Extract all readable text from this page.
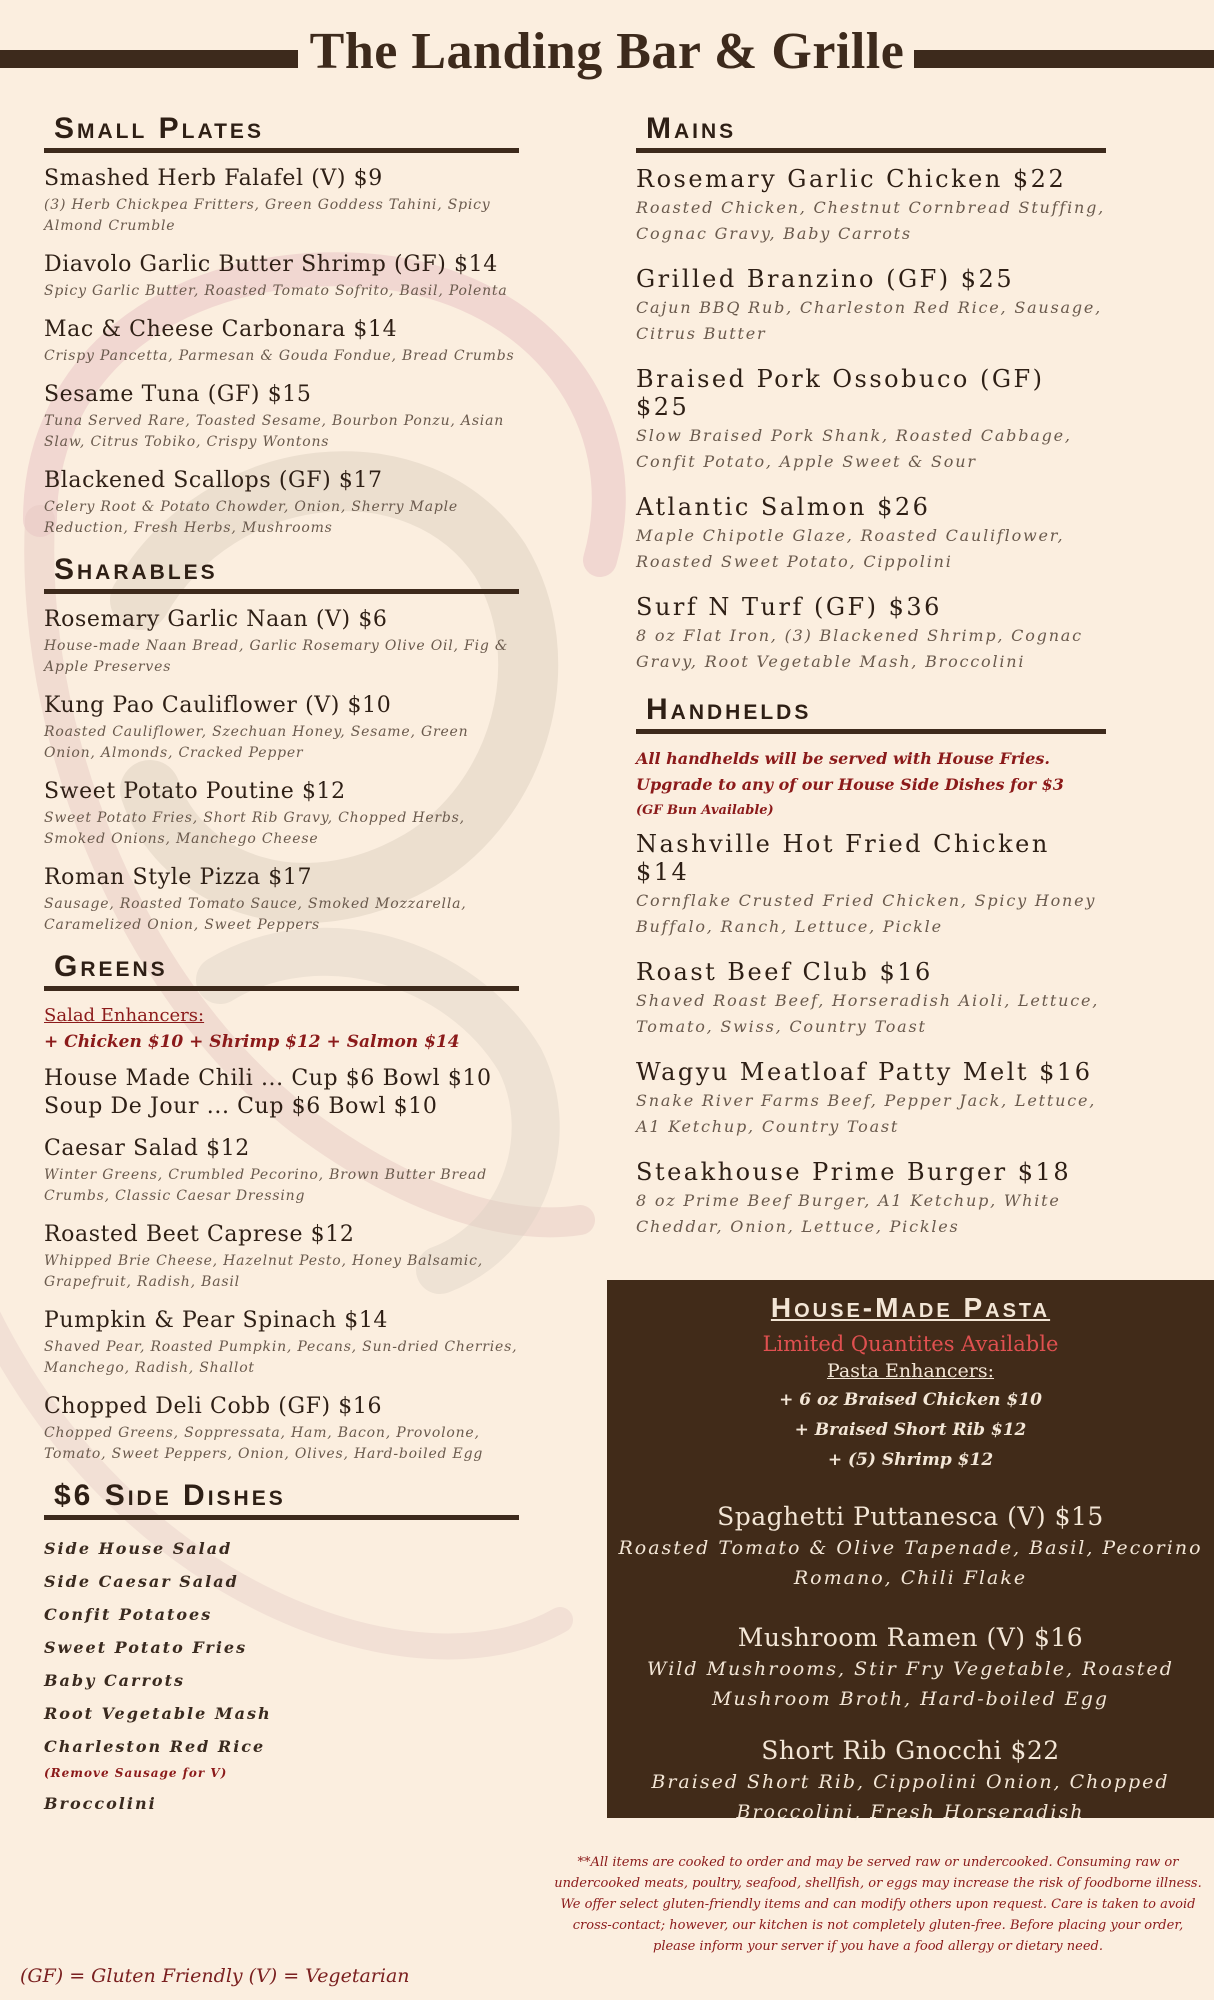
The Landing Bar & Grille
Small Plates

Smashed Herb Falafel (V) $9

(3) Herb Chickpea Fritters, Green Goddess Tahini, Spicy Almond Crumble

Diavolo Garlic Butter Shrimp (GF) $14

Spicy Garlic Butter, Roasted Tomato Sofrito, Basil, Polenta

Mac & Cheese Carbonara $14

Crispy Pancetta, Parmesan & Gouda Fondue, Bread Crumbs

Sesame Tuna (GF) $15

Tuna Served Rare, Toasted Sesame, Bourbon Ponzu, Asian Slaw, Citrus Tobiko, Crispy Wontons

Blackened Scallops (GF) $17

Celery Root & Potato Chowder, Onion, Sherry Maple Reduction, Fresh Herbs, Mushrooms

Sharables

Rosemary Garlic Naan (V) $6

House-made Naan Bread, Garlic Rosemary Olive Oil, Fig & Apple Preserves

Kung Pao Cauliflower (V) $10

Roasted Cauliflower, Szechuan Honey, Sesame, Green Onion, Almonds, Cracked Pepper

Sweet Potato Poutine $12

Sweet Potato Fries, Short Rib Gravy, Chopped Herbs, Smoked Onions, Manchego Cheese

Roman Style Pizza $17

Sausage, Roasted Tomato Sauce, Smoked Mozzarella, Caramelized Onion, Sweet Peppers

Greens

Salad Enhancers:

+ Chicken $10 + Shrimp $12 + Salmon $14

House Made Chili ... Cup $6 Bowl $10

Soup De Jour ... Cup $6 Bowl $10

Caesar Salad $12

Winter Greens, Crumbled Pecorino, Brown Butter Bread Crumbs, Classic Caesar Dressing

Roasted Beet Caprese $12

Whipped Brie Cheese, Hazelnut Pesto, Honey Balsamic, Grapefruit, Radish, Basil

Pumpkin & Pear Spinach $14

Shaved Pear, Roasted Pumpkin, Pecans, Sun-dried Cherries, Manchego, Radish, Shallot

Chopped Deli Cobb (GF) $16

Chopped Greens, Soppressata, Ham, Bacon, Provolone, Tomato, Sweet Peppers, Onion, Olives, Hard-boiled Egg

$6 Side Dishes
Side House Salad
Side Caesar Salad
Confit Potatoes
Sweet Potato Fries
Baby Carrots
Root Vegetable Mash
Charleston Red Rice
(Remove Sausage for V)
Broccolini
(GF) = Gluten Friendly (V) = Vegetarian
Mains

Rosemary Garlic Chicken $22

Roasted Chicken, Chestnut Cornbread Stuffing, Cognac Gravy, Baby Carrots

Grilled Branzino (GF) $25

Cajun BBQ Rub, Charleston Red Rice, Sausage, Citrus Butter

Braised Pork Ossobuco (GF) $25

Slow Braised Pork Shank, Roasted Cabbage, Confit Potato, Apple Sweet & Sour

Atlantic Salmon $26

Maple Chipotle Glaze, Roasted Cauliflower, Roasted Sweet Potato, Cippolini

Surf N Turf (GF) $36

8 oz Flat Iron, (3) Blackened Shrimp, Cognac Gravy, Root Vegetable Mash, Broccolini

Handhelds

All handhelds will be served with House Fries.

Upgrade to any of our House Side Dishes for $3

(GF Bun Available)

Nashville Hot Fried Chicken $14

Cornflake Crusted Fried Chicken, Spicy Honey Buffalo, Ranch, Lettuce, Pickle

Roast Beef Club $16

Shaved Roast Beef, Horseradish Aioli, Lettuce, Tomato, Swiss, Country Toast

Wagyu Meatloaf Patty Melt $16

Snake River Farms Beef, Pepper Jack, Lettuce, A1 Ketchup, Country Toast

Steakhouse Prime Burger $18

8 oz Prime Beef Burger, A1 Ketchup, White Cheddar, Onion, Lettuce, Pickles

House-Made Pasta

Limited Quantites Available

Pasta Enhancers:

+ 6 oz Braised Chicken $10

+ Braised Short Rib $12

+ (5) Shrimp $12

Spaghetti Puttanesca (V) $15

Roasted Tomato & Olive Tapenade, Basil, Pecorino Romano, Chili Flake

Mushroom Ramen (V) $16

Wild Mushrooms, Stir Fry Vegetable, Roasted Mushroom Broth, Hard-boiled Egg

Short Rib Gnocchi $22

Braised Short Rib, Cippolini Onion, Chopped Broccolini, Fresh Horseradish

**All items are cooked to order and may be served raw or undercooked. Consuming raw or undercooked meats, poultry, seafood, shellfish, or eggs may increase the risk of foodborne illness. We offer select gluten-friendly items and can modify others upon request. Care is taken to avoid cross-contact; however, our kitchen is not completely gluten-free. Before placing your order, please inform your server if you have a food allergy or dietary need.
